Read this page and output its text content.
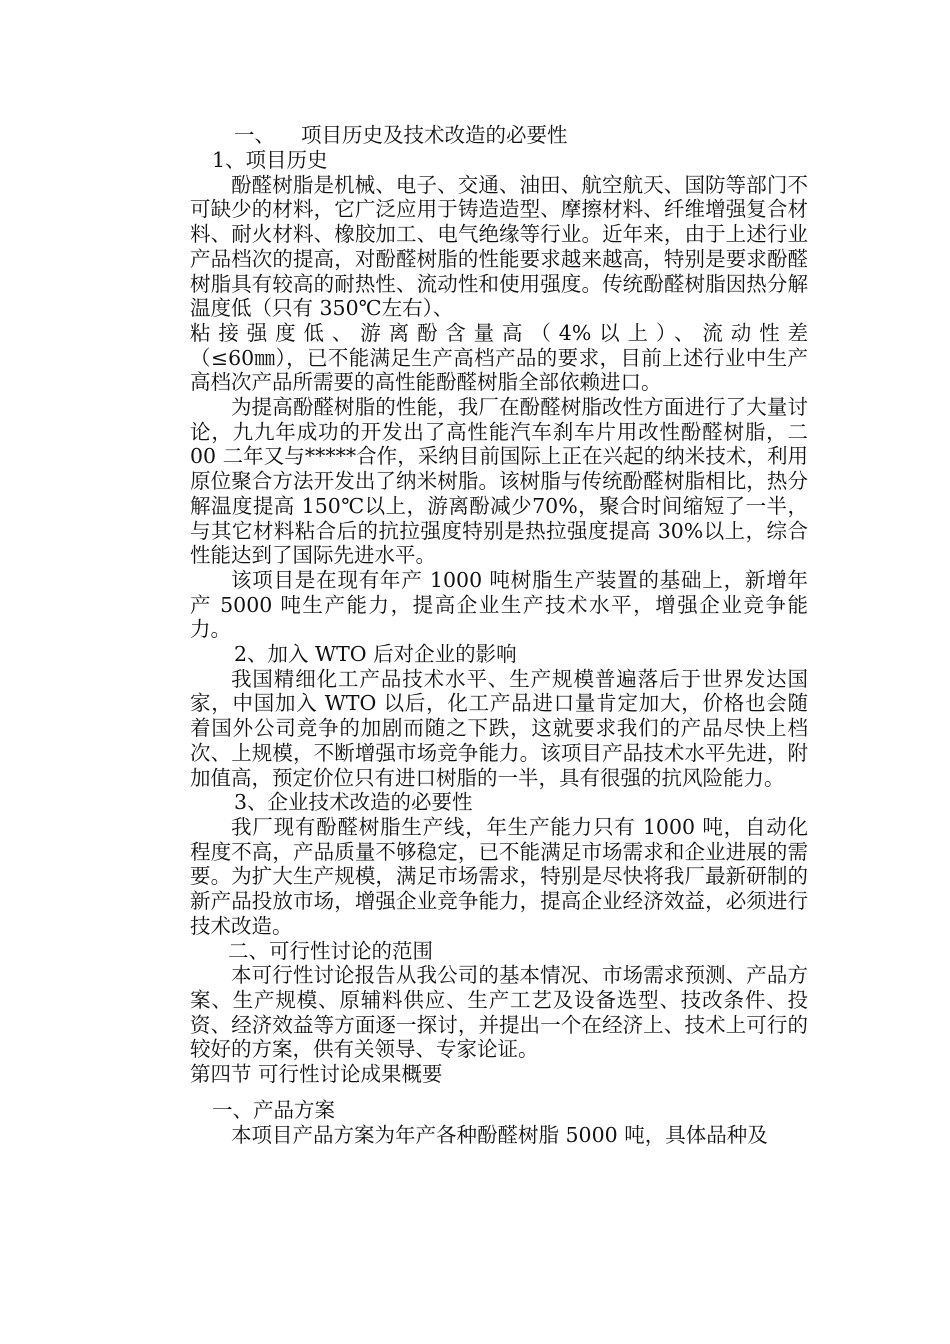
一、 项目历史及技术改造的必要性

1、项目历史

酚醛树脂是机械、电子、交通、油田、航空航天、国防等部门不可缺少的材料，它广泛应用于铸造造型、摩擦材料、纤维增强复合材料、耐火材料、橡胶加工、电气绝缘等行业。近年来，由于上述行业产品档次的提高，对酚醛树脂的性能要求越来越高，特别是要求酚醛树脂具有较高的耐热性、流动性和使用强度。传统酚醛树脂因热分解温度低（只有 350℃左右）、

粘接强度低、游离酚含量高（4%以上）、流动性差

（≤60㎜），已不能满足生产高档产品的要求，目前上述行业中生产高档次产品所需要的高性能酚醛树脂全部依赖进口。

为提高酚醛树脂的性能，我厂在酚醛树脂改性方面进行了大量讨论，九九年成功的开发出了高性能汽车刹车片用改性酚醛树脂，二 00 二年又与*****合作，采纳目前国际上正在兴起的纳米技术，利用原位聚合方法开发出了纳米树脂。该树脂与传统酚醛树脂相比，热分解温度提高 150℃以上，游离酚减少70%，聚合时间缩短了一半，与其它材料粘合后的抗拉强度特别是热拉强度提高 30%以上，综合性能达到了国际先进水平。

该项目是在现有年产 1000 吨树脂生产装置的基础上，新增年产 5000 吨生产能力，提高企业生产技术水平，增强企业竞争能力。

2、加入 WTO 后对企业的影响

我国精细化工产品技术水平、生产规模普遍落后于世界发达国家，中国加入 WTO 以后，化工产品进口量肯定加大，价格也会随着国外公司竞争的加剧而随之下跌，这就要求我们的产品尽快上档次、上规模，不断增强市场竞争能力。该项目产品技术水平先进，附加值高，预定价位只有进口树脂的一半，具有很强的抗风险能力。

3、企业技术改造的必要性

我厂现有酚醛树脂生产线，年生产能力只有 1000 吨，自动化程度不高，产品质量不够稳定，已不能满足市场需求和企业进展的需要。为扩大生产规模，满足市场需求，特别是尽快将我厂最新研制的新产品投放市场，增强企业竞争能力，提高企业经济效益，必须进行技术改造。

二、可行性讨论的范围

本可行性讨论报告从我公司的基本情况、市场需求预测、产品方案、生产规模、原辅料供应、生产工艺及设备选型、技改条件、投资、经济效益等方面逐一探讨，并提出一个在经济上、技术上可行的较好的方案，供有关领导、专家论证。

第四节 可行性讨论成果概要

一、产品方案

本项目产品方案为年产各种酚醛树脂 5000 吨，具体品种及
